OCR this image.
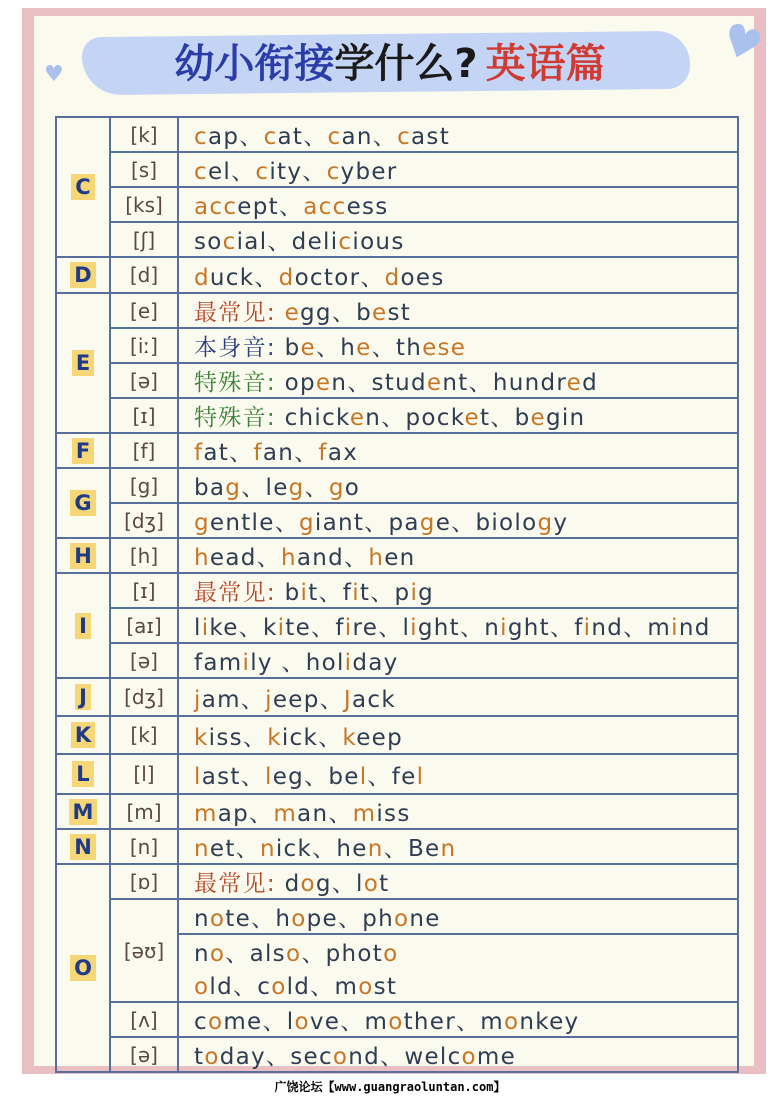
幼小衔接学什么? 英语篇
♥
♥
C	[k]	cap、cat、can、cast
	[s]	cel、city、cyber
	[ks]	accept、access
	[ʃ]	social、delicious
D	[d]	duck、doctor、does
E	[e]	最常见: egg、best
	[iː]	本身音: be、he、these
	[ə]	特殊音: open、student、hundred
	[ɪ]	特殊音: chicken、pocket、begin
F	[f]	fat、fan、fax
G	[g]	bag、leg、go
	[dʒ]	gentle、giant、page、biology
H	[h]	head、hand、hen
I	[ɪ]	最常见: bit、fit、pig
	[aɪ]	like、kite、fire、light、night、find、mind
	[ə]	family 、holiday
J	[dʒ]	jam、jeep、Jack
K	[k]	kiss、kick、keep
L	[l]	last、leg、bel、fel
M	[m]	map、man、miss
N	[n]	net、nick、hen、Ben
O	[ɒ]	最常见: dog、lot
	[əʊ]	note、hope、phone
		no、also、photo
		old、cold、most
	[ʌ]	come、love、mother、monkey
	[ə]	today、second、welcome
广饶论坛【www.guangraoluntan.com】
